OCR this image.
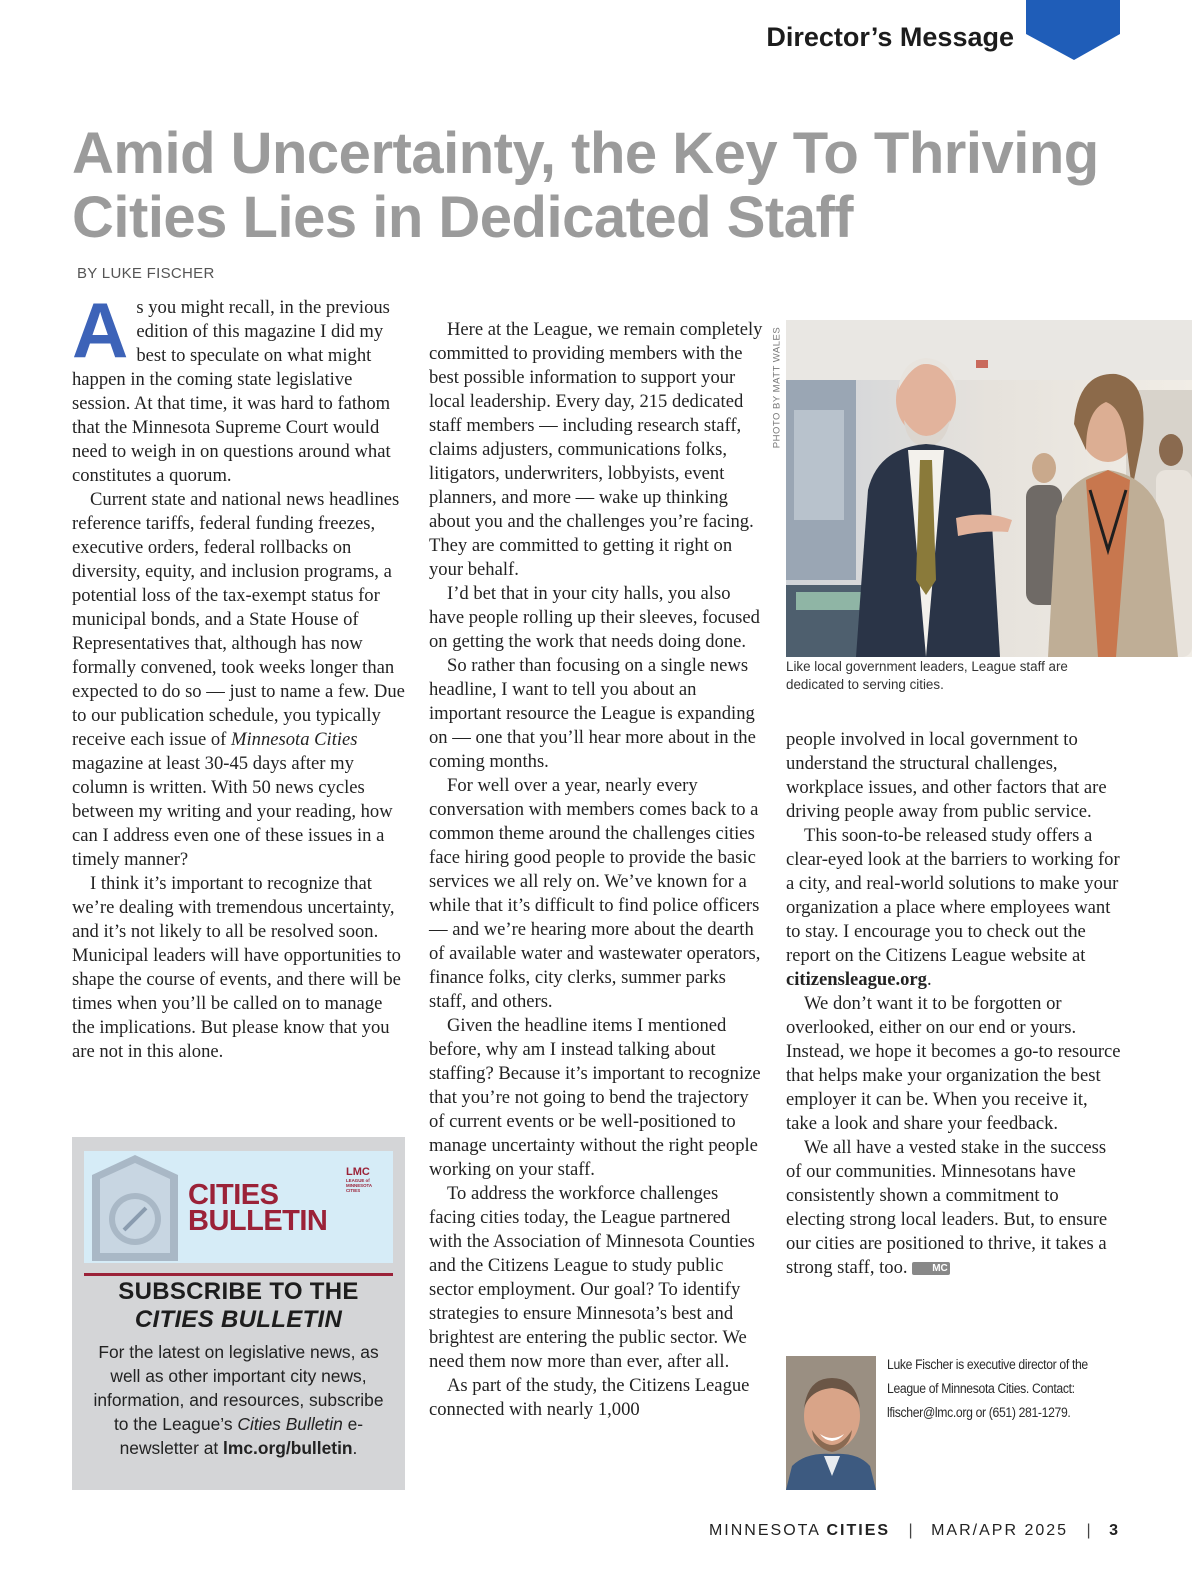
Director’s Message
Amid Uncertainty, the Key To Thriving Cities Lies in Dedicated Staff
BY LUKE FISCHER

As you might recall, in the previous edition of this magazine I did my best to speculate on what might happen in the coming state legislative session. At that time, it was hard to fathom that the Minnesota Supreme Court would need to weigh in on questions around what constitutes a quorum.

Current state and national news headlines reference tariffs, federal funding freezes, executive orders, federal rollbacks on diversity, equity, and inclusion programs, a potential loss of the tax-exempt status for municipal bonds, and a State House of Representatives that, although has now formally convened, took weeks longer than expected to do so — just to name a few. Due to our publication schedule, you typically receive each issue of Minnesota Cities magazine at least 30-45 days after my column is written. With 50 news cycles between my writing and your reading, how can I address even one of these issues in a timely manner?

I think it’s important to recognize that we’re dealing with tremendous uncertainty, and it’s not likely to all be resolved soon. Municipal leaders will have opportunities to shape the course of events, and there will be times when you’ll be called on to manage the implications. But please know that you are not in this alone.

Here at the League, we remain completely committed to providing members with the best possible information to support your local leadership. Every day, 215 dedicated staff members — including research staff, claims adjusters, communications folks, litigators, underwriters, lobbyists, event planners, and more — wake up thinking about you and the challenges you’re facing. They are committed to getting it right on your behalf.

I’d bet that in your city halls, you also have people rolling up their sleeves, focused on getting the work that needs doing done.

So rather than focusing on a single news headline, I want to tell you about an important resource the League is expanding on — one that you’ll hear more about in the coming months.

For well over a year, nearly every conversation with members comes back to a common theme around the challenges cities face hiring good people to provide the basic services we all rely on. We’ve known for a while that it’s difficult to find police officers — and we’re hearing more about the dearth of available water and wastewater operators, finance folks, city clerks, summer parks staff, and others.

Given the headline items I mentioned before, why am I instead talking about staffing? Because it’s important to recognize that you’re not going to bend the trajectory of current events or be well-positioned to manage uncertainty without the right people working on your staff.

To address the workforce challenges facing cities today, the League partnered with the Association of Minnesota Counties and the Citizens League to study public sector employment. Our goal? To identify strategies to ensure Minnesota’s best and brightest are entering the public sector. We need them now more than ever, after all.

As part of the study, the Citizens League connected with nearly 1,000

PHOTO BY MATT WALES
Like local government leaders, League staff are dedicated to serving cities.

people involved in local government to understand the structural challenges, workplace issues, and other factors that are driving people away from public service.

This soon-to-be released study offers a clear-eyed look at the barriers to working for a city, and real-world solutions to make your organization a place where employees want to stay. I encourage you to check out the report on the Citizens League website at citizensleague.org.

We don’t want it to be forgotten or overlooked, either on our end or yours. Instead, we hope it becomes a go-to resource that helps make your organization the best employer it can be. When you receive it, take a look and share your feedback.

We all have a vested stake in the success of our communities. Minnesotans have consistently shown a commitment to electing strong local leaders. But, to ensure our cities are positioned to thrive, it takes a strong staff, too. MC

CITIES
BULLETIN
LMC
LEAGUE of MINNESOTA CITIES
SUBSCRIBE TO THE
CITIES BULLETIN
For the latest on legislative news, as well as other important city news, information, and resources, subscribe to the League’s Cities Bulletin e-newsletter at lmc.org/bulletin.
Luke Fischer is executive director of the League of Minnesota Cities. Contact: lfischer@lmc.org or (651) 281-1279.
MINNESOTA CITIES | MAR/APR 2025 | 3
